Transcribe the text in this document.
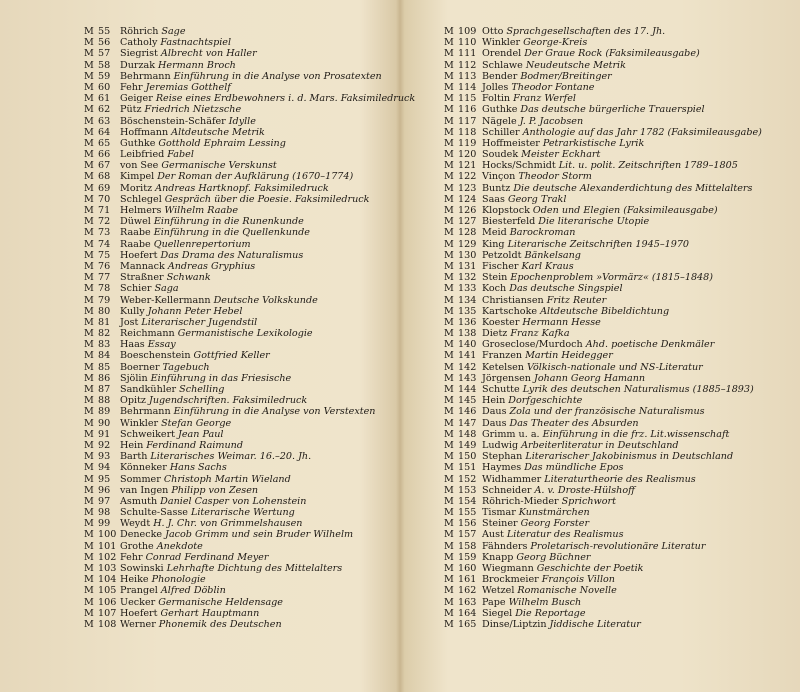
M 55	Röhrich Sage
M 56	Catholy Fastnachtspiel
M 57	Siegrist Albrecht von Haller
M 58	Durzak Hermann Broch
M 59	Behrmann Einführung in die Analyse von Prosatexten
M 60	Fehr Jeremias Gotthelf
M 61	Geiger Reise eines Erdbewohners i. d. Mars. Faksimiledruck
M 62	Pütz Friedrich Nietzsche
M 63	Böschenstein-Schäfer Idylle
M 64	Hoffmann Altdeutsche Metrik
M 65	Guthke Gotthold Ephraim Lessing
M 66	Leibfried Fabel
M 67	von See Germanische Verskunst
M 68	Kimpel Der Roman der Aufklärung (1670–1774)
M 69	Moritz Andreas Hartknopf. Faksimiledruck
M 70	Schlegel Gespräch über die Poesie. Faksimiledruck
M 71	Helmers Wilhelm Raabe
M 72	Düwel Einführung in die Runenkunde
M 73	Raabe Einführung in die Quellenkunde
M 74	Raabe Quellenrepertorium
M 75	Hoefert Das Drama des Naturalismus
M 76	Mannack Andreas Gryphius
M 77	Straßner Schwank
M 78	Schier Saga
M 79	Weber-Kellermann Deutsche Volkskunde
M 80	Kully Johann Peter Hebel
M 81	Jost Literarischer Jugendstil
M 82	Reichmann Germanistische Lexikologie
M 83	Haas Essay
M 84	Boeschenstein Gottfried Keller
M 85	Boerner Tagebuch
M 86	Sjölin Einführung in das Friesische
M 87	Sandkühler Schelling
M 88	Opitz Jugendschriften. Faksimiledruck
M 89	Behrmann Einführung in die Analyse von Verstexten
M 90	Winkler Stefan George
M 91	Schweikert Jean Paul
M 92	Hein Ferdinand Raimund
M 93	Barth Literarisches Weimar. 16.–20. Jh.
M 94	Könneker Hans Sachs
M 95	Sommer Christoph Martin Wieland
M 96	van Ingen Philipp von Zesen
M 97	Asmuth Daniel Casper von Lohenstein
M 98	Schulte-Sasse Literarische Wertung
M 99	Weydt H. J. Chr. von Grimmelshausen
M 100 Denecke Jacob Grimm und sein Bruder Wilhelm
M 101 Grothe Anekdote
M 102 Fehr Conrad Ferdinand Meyer
M 103 Sowinski Lehrhafte Dichtung des Mittelalters
M 104 Heike Phonologie
M 105 Prangel Alfred Döblin
M 106 Uecker Germanische Heldensage
M 107 Hoefert Gerhart Hauptmann
M 108 Werner Phonemik des Deutschen
M 109 Otto Sprachgesellschaften des 17. Jh.
M 110 Winkler George-Kreis
M 111 Orendel Der Graue Rock (Faksimileausgabe)
M 112 Schlawe Neudeutsche Metrik
M 113 Bender Bodmer/Breitinger
M 114 Jolles Theodor Fontane
M 115 Foltin Franz Werfel
M 116 Guthke Das deutsche bürgerliche Trauerspiel
M 117 Nägele J. P. Jacobsen
M 118 Schiller Anthologie auf das Jahr 1782 (Faksimileausgabe)
M 119 Hoffmeister Petrarkistische Lyrik
M 120 Soudek Meister Eckhart
M 121 Hocks/Schmidt Lit. u. polit. Zeitschriften 1789–1805
M 122 Vinçon Theodor Storm
M 123 Buntz Die deutsche Alexanderdichtung des Mittelalters
M 124 Saas Georg Trakl
M 126 Klopstock Oden und Elegien (Faksimileausgabe)
M 127 Biesterfeld Die literarische Utopie
M 128 Meid Barockroman
M 129 King Literarische Zeitschriften 1945–1970
M 130 Petzoldt Bänkelsang
M 131 Fischer Karl Kraus
M 132 Stein Epochenproblem »Vormärz« (1815–1848)
M 133 Koch Das deutsche Singspiel
M 134 Christiansen Fritz Reuter
M 135 Kartschoke Altdeutsche Bibeldichtung
M 136 Koester Hermann Hesse
M 138 Dietz Franz Kafka
M 140 Groseclose/Murdoch Ahd. poetische Denkmäler
M 141 Franzen Martin Heidegger
M 142 Ketelsen Völkisch-nationale und NS-Literatur
M 143 Jörgensen Johann Georg Hamann
M 144 Schutte Lyrik des deutschen Naturalismus (1885–1893)
M 145 Hein Dorfgeschichte
M 146 Daus Zola und der französische Naturalismus
M 147 Daus Das Theater des Absurden
M 148 Grimm u. a. Einführung in die frz. Lit.wissenschaft
M 149 Ludwig Arbeiterliteratur in Deutschland
M 150 Stephan Literarischer Jakobinismus in Deutschland
M 151 Haymes Das mündliche Epos
M 152 Widhammer Literaturtheorie des Realismus
M 153 Schneider A. v. Droste-Hülshoff
M 154 Röhrich-Mieder Sprichwort
M 155 Tismar Kunstmärchen
M 156 Steiner Georg Forster
M 157 Aust Literatur des Realismus
M 158 Fähnders Proletarisch-revolutionäre Literatur
M 159 Knapp Georg Büchner
M 160 Wiegmann Geschichte der Poetik
M 161 Brockmeier François Villon
M 162 Wetzel Romanische Novelle
M 163 Pape Wilhelm Busch
M 164 Siegel Die Reportage
M 165 Dinse/Liptzin Jiddische Literatur
